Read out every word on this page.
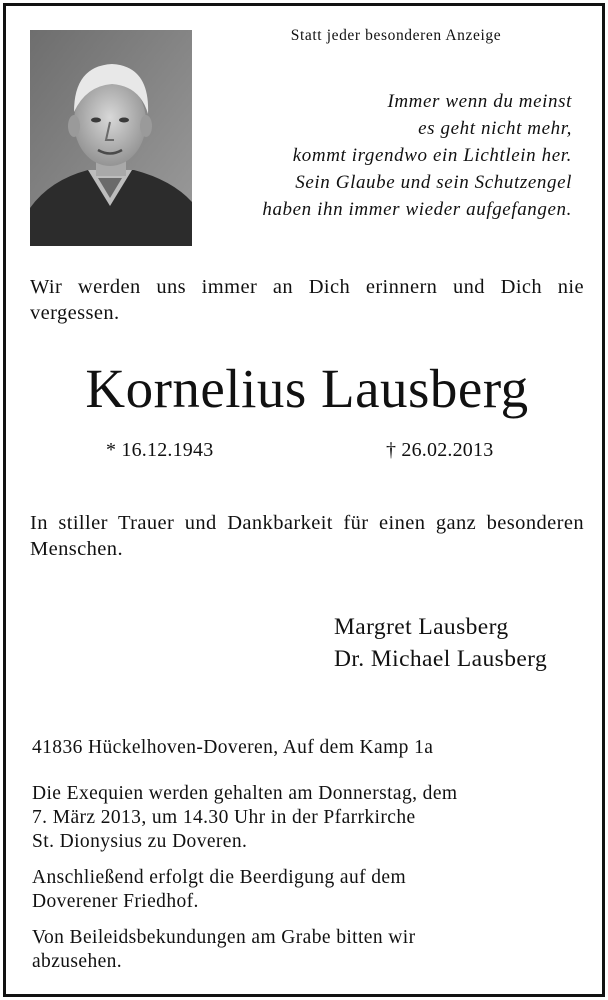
Statt jeder besonderen Anzeige
Immer wenn du meinst
es geht nicht mehr,
kommt irgendwo ein Lichtlein her.
Sein Glaube und sein Schutzengel
haben ihn immer wieder aufgefangen.
Wir werden uns immer an Dich erinnern und Dich nie vergessen.
Kornelius Lausberg
* 16.12.1943	† 26.02.2013
In stiller Trauer und Dankbarkeit für einen ganz besonderen Menschen.
Margret Lausberg
Dr. Michael Lausberg
41836 Hückelhoven-Doveren, Auf dem Kamp 1a
Die Exequien werden gehalten am Donnerstag, dem
7. März 2013, um 14.30 Uhr in der Pfarrkirche
St. Dionysius zu Doveren.
Anschließend erfolgt die Beerdigung auf dem
Doverener Friedhof.
Von Beileidsbekundungen am Grabe bitten wir
abzusehen.
